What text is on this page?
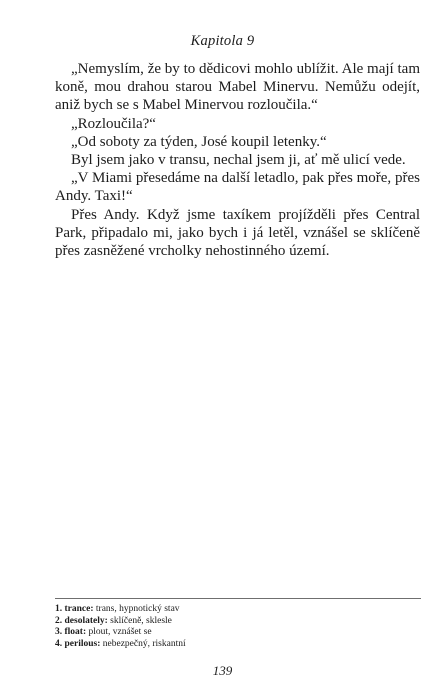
Kapitola 9

„Nemyslím, že by to dědicovi mohlo ublížit. Ale mají tam koně, mou drahou starou Mabel Minervu. Nemůžu odejít, aniž bych se s Mabel Minervou rozloučila.“

„Rozloučila?“

„Od soboty za týden, José koupil letenky.“

Byl jsem jako v transu, nechal jsem ji, ať mě ulicí vede.

„V Miami přesedáme na další letadlo, pak přes moře, přes Andy. Taxi!“

Přes Andy. Když jsme taxíkem projížděli přes Central Park, připadalo mi, jako bych i já letěl, vznášel se sklíčeně přes zasněžené vrcholky nehostinného území.

1. trance: trans, hypnotický stav

2. desolately: sklíčeně, sklesle

3. float: plout, vznášet se

4. perilous: nebezpečný, riskantní

139
